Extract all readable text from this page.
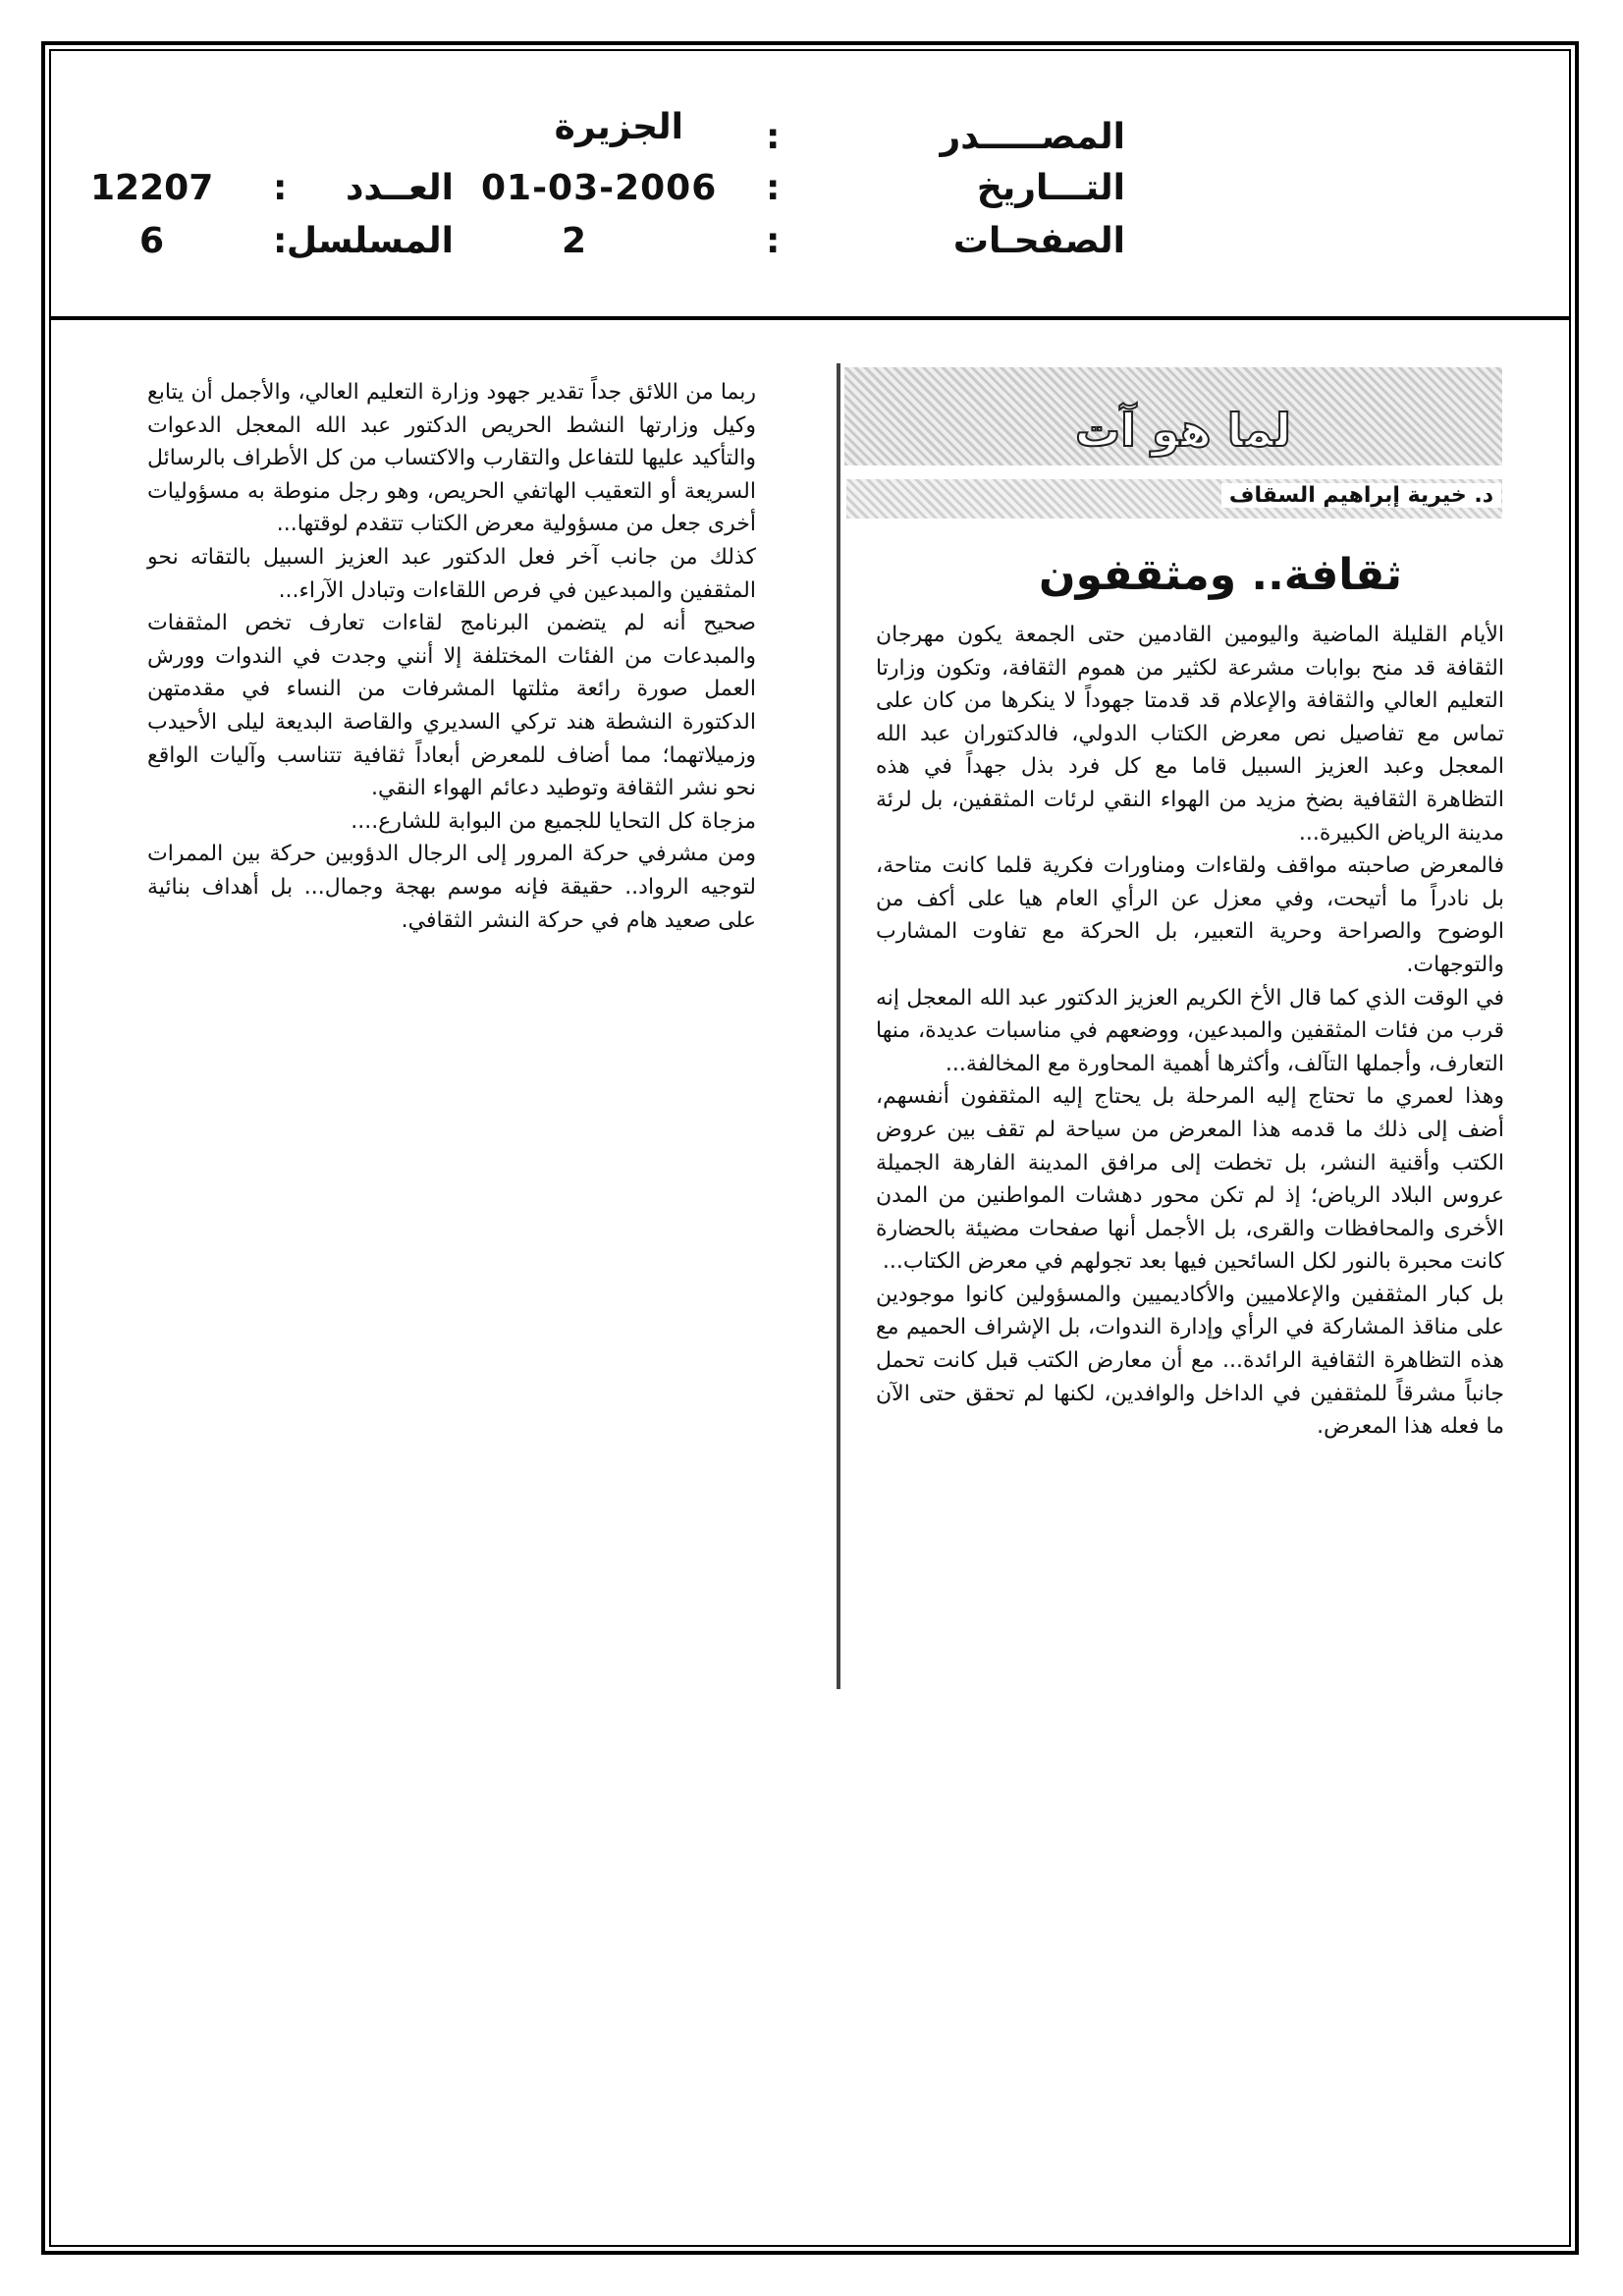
المصـــــدر
:
الجزيرة
التـــاريخ
:
01-03-2006
العــدد
:
12207
الصفحـات
:
2
المسلسل
:
6
لما هو آت
د. خيرية إبراهيم السقاف
ثقافة.. ومثقفون

الأيام القليلة الماضية واليومين القادمين حتى الجمعة يكون مهرجان الثقافة قد منح بوابات مشرعة لكثير من هموم الثقافة، وتكون وزارتا التعليم العالي والثقافة والإعلام قد قدمتا جهوداً لا ينكرها من كان على تماس مع تفاصيل نص معرض الكتاب الدولي، فالدكتوران عبد الله المعجل وعبد العزيز السبيل قاما مع كل فرد بذل جهداً في هذه التظاهرة الثقافية بضخ مزيد من الهواء النقي لرئات المثقفين، بل لرئة مدينة الرياض الكبيرة...

فالمعرض صاحبته مواقف ولقاءات ومناورات فكرية قلما كانت متاحة، بل نادراً ما أتيحت، وفي معزل عن الرأي العام هيا على أكف من الوضوح والصراحة وحرية التعبير، بل الحركة مع تفاوت المشارب والتوجهات.

في الوقت الذي كما قال الأخ الكريم العزيز الدكتور عبد الله المعجل إنه قرب من فئات المثقفين والمبدعين، ووضعهم في مناسبات عديدة، منها التعارف، وأجملها التآلف، وأكثرها أهمية المحاورة مع المخالفة...

وهذا لعمري ما تحتاج إليه المرحلة بل يحتاج إليه المثقفون أنفسهم، أضف إلى ذلك ما قدمه هذا المعرض من سياحة لم تقف بين عروض الكتب وأقنية النشر، بل تخطت إلى مرافق المدينة الفارهة الجميلة عروس البلاد الرياض؛ إذ لم تكن محور دهشات المواطنين من المدن الأخرى والمحافظات والقرى، بل الأجمل أنها صفحات مضيئة بالحضارة كانت محبرة بالنور لكل السائحين فيها بعد تجولهم في معرض الكتاب...

بل كبار المثقفين والإعلاميين والأكاديميين والمسؤولين كانوا موجودين على مناقذ المشاركة في الرأي وإدارة الندوات، بل الإشراف الحميم مع هذه التظاهرة الثقافية الرائدة... مع أن معارض الكتب قبل كانت تحمل جانباً مشرقاً للمثقفين في الداخل والوافدين، لكنها لم تحقق حتى الآن ما فعله هذا المعرض.

ربما من اللائق جداً تقدير جهود وزارة التعليم العالي، والأجمل أن يتابع وكيل وزارتها النشط الحريص الدكتور عبد الله المعجل الدعوات والتأكيد عليها للتفاعل والتقارب والاكتساب من كل الأطراف بالرسائل السريعة أو التعقيب الهاتفي الحريص، وهو رجل منوطة به مسؤوليات أخرى جعل من مسؤولية معرض الكتاب تتقدم لوقتها...

كذلك من جانب آخر فعل الدكتور عبد العزيز السبيل بالتقاته نحو المثقفين والمبدعين في فرص اللقاءات وتبادل الآراء...

صحيح أنه لم يتضمن البرنامج لقاءات تعارف تخص المثقفات والمبدعات من الفئات المختلفة إلا أنني وجدت في الندوات وورش العمل صورة رائعة مثلتها المشرفات من النساء في مقدمتهن الدكتورة النشطة هند تركي السديري والقاصة البديعة ليلى الأحيدب وزميلاتهما؛ مما أضاف للمعرض أبعاداً ثقافية تتناسب وآليات الواقع نحو نشر الثقافة وتوطيد دعائم الهواء النقي.

مزجاة كل التحايا للجميع من البوابة للشارع....

ومن مشرفي حركة المرور إلى الرجال الدؤوبين حركة بين الممرات لتوجيه الرواد.. حقيقة فإنه موسم بهجة وجمال... بل أهداف بنائية على صعيد هام في حركة النشر الثقافي.
